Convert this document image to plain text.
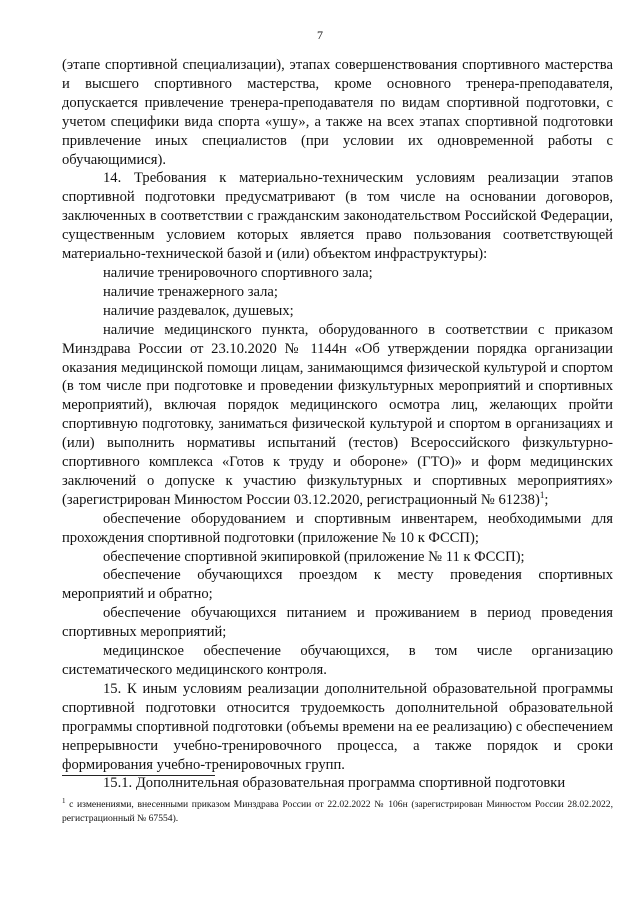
7

(этапе спортивной специализации), этапах совершенствования спортивного мастерства и высшего спортивного мастерства, кроме основного тренера-преподавателя, допускается привлечение тренера-преподавателя по видам спортивной подготовки, с учетом специфики вида спорта «ушу», а также на всех этапах спортивной подготовки привлечение иных специалистов (при условии их одновременной работы с обучающимися).

14. Требования к материально-техническим условиям реализации этапов спортивной подготовки предусматривают (в том числе на основании договоров, заключенных в соответствии с гражданским законодательством Российской Федерации, существенным условием которых является право пользования соответствующей материально-технической базой и (или) объектом инфраструктуры):

наличие тренировочного спортивного зала;

наличие тренажерного зала;

наличие раздевалок, душевых;

наличие медицинского пункта, оборудованного в соответствии с приказом Минздрава России от 23.10.2020 № 1144н «Об утверждении порядка организации оказания медицинской помощи лицам, занимающимся физической культурой и спортом (в том числе при подготовке и проведении физкультурных мероприятий и спортивных мероприятий), включая порядок медицинского осмотра лиц, желающих пройти спортивную подготовку, заниматься физической культурой и спортом в организациях и (или) выполнить нормативы испытаний (тестов) Всероссийского физкультурно-спортивного комплекса «Готов к труду и обороне» (ГТО)» и форм медицинских заключений о допуске к участию физкультурных и спортивных мероприятиях» (зарегистрирован Минюстом России 03.12.2020, регистрационный № 61238)$^1$;

обеспечение оборудованием и спортивным инвентарем, необходимыми для прохождения спортивной подготовки (приложение № 10 к ФССП);

обеспечение спортивной экипировкой (приложение № 11 к ФССП);

обеспечение обучающихся проездом к месту проведения спортивных мероприятий и обратно;

обеспечение обучающихся питанием и проживанием в период проведения спортивных мероприятий;

медицинское обеспечение обучающихся, в том числе организацию систематического медицинского контроля.

15. К иным условиям реализации дополнительной образовательной программы спортивной подготовки относится трудоемкость дополнительной образовательной программы спортивной подготовки (объемы времени на ее реализацию) с обеспечением непрерывности учебно-тренировочного процесса, а также порядок и сроки формирования учебно-тренировочных групп.

15.1. Дополнительная образовательная программа спортивной подготовки

$^1$ с изменениями, внесенными приказом Минздрава России от 22.02.2022 № 106н (зарегистрирован Минюстом России 28.02.2022, регистрационный № 67554).
